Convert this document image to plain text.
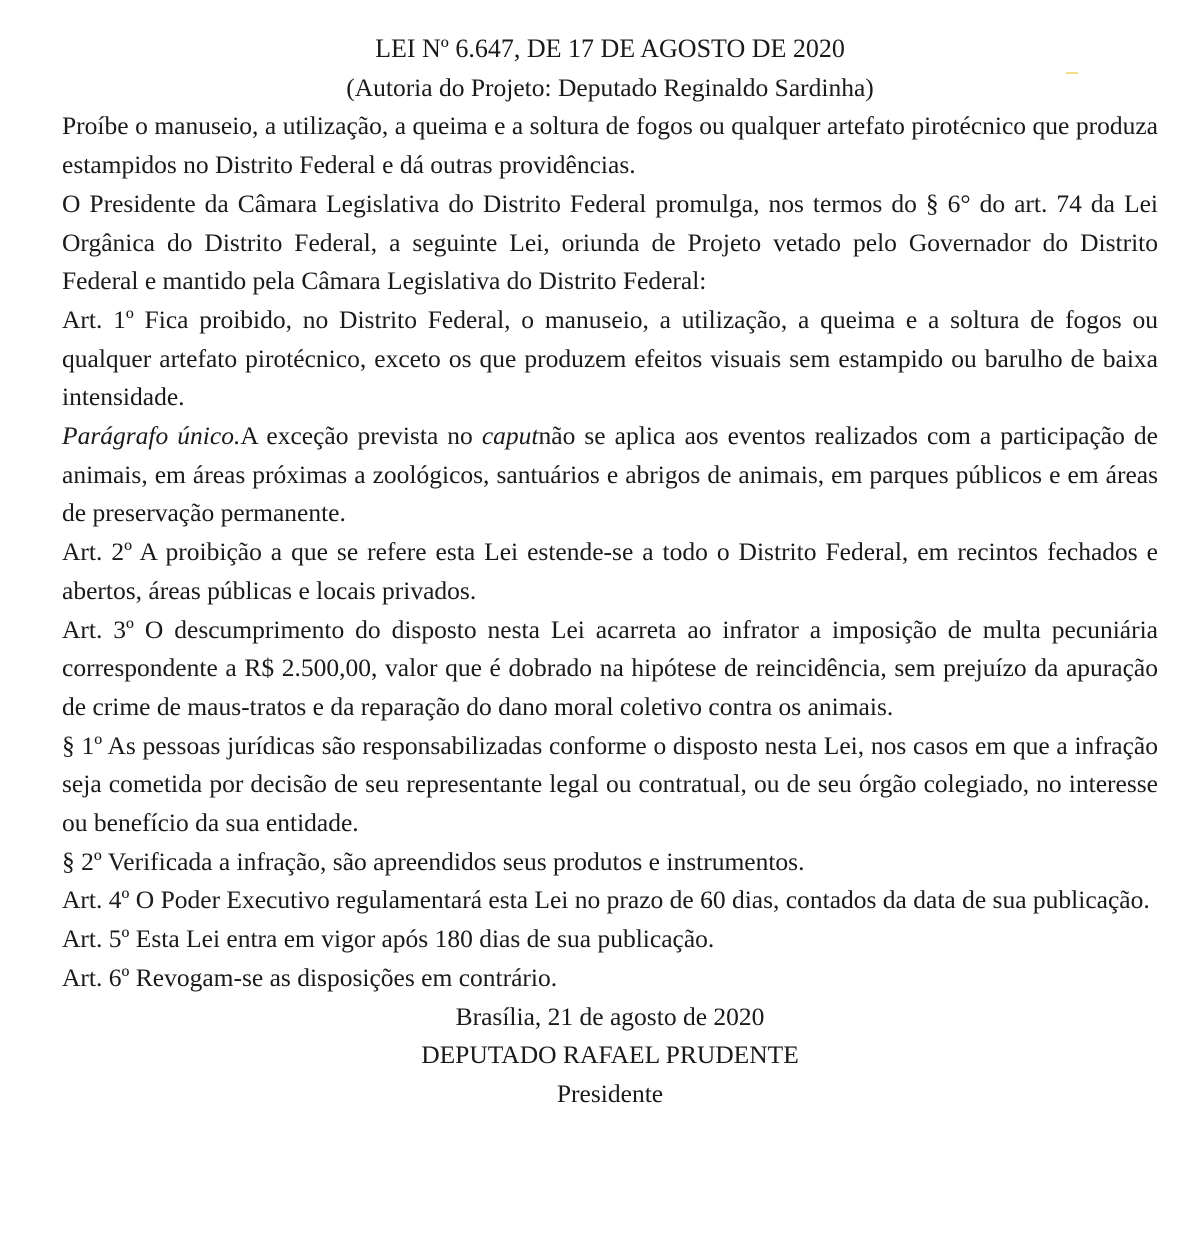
LEI Nº 6.647, DE 17 DE AGOSTO DE 2020

(Autoria do Projeto: Deputado Reginaldo Sardinha)

Proíbe o manuseio, a utilização, a queima e a soltura de fogos ou qualquer artefato pirotécnico que produza estampidos no Distrito Federal e dá outras providências.

O Presidente da Câmara Legislativa do Distrito Federal promulga, nos termos do § 6° do art. 74 da Lei Orgânica do Distrito Federal, a seguinte Lei, oriunda de Projeto vetado pelo Governador do Distrito Federal e mantido pela Câmara Legislativa do Distrito Federal:

Art. 1º Fica proibido, no Distrito Federal, o manuseio, a utilização, a queima e a soltura de fogos ou qualquer artefato pirotécnico, exceto os que produzem efeitos visuais sem estampido ou barulho de baixa intensidade.

Parágrafo único.A exceção prevista no caputnão se aplica aos eventos realizados com a participação de animais, em áreas próximas a zoológicos, santuários e abrigos de animais, em parques públicos e em áreas de preservação permanente.

Art. 2º A proibição a que se refere esta Lei estende-se a todo o Distrito Federal, em recintos fechados e abertos, áreas públicas e locais privados.

Art. 3º O descumprimento do disposto nesta Lei acarreta ao infrator a imposição de multa pecuniária correspondente a R$ 2.500,00, valor que é dobrado na hipótese de reincidência, sem prejuízo da apuração de crime de maus-tratos e da reparação do dano moral coletivo contra os animais.

§ 1º As pessoas jurídicas são responsabilizadas conforme o disposto nesta Lei, nos casos em que a infração seja cometida por decisão de seu representante legal ou contratual, ou de seu órgão colegiado, no interesse ou benefício da sua entidade.

§ 2º Verificada a infração, são apreendidos seus produtos e instrumentos.

Art. 4º O Poder Executivo regulamentará esta Lei no prazo de 60 dias, contados da data de sua publicação.

Art. 5º Esta Lei entra em vigor após 180 dias de sua publicação.

Art. 6º Revogam-se as disposições em contrário.

Brasília, 21 de agosto de 2020

DEPUTADO RAFAEL PRUDENTE

Presidente
